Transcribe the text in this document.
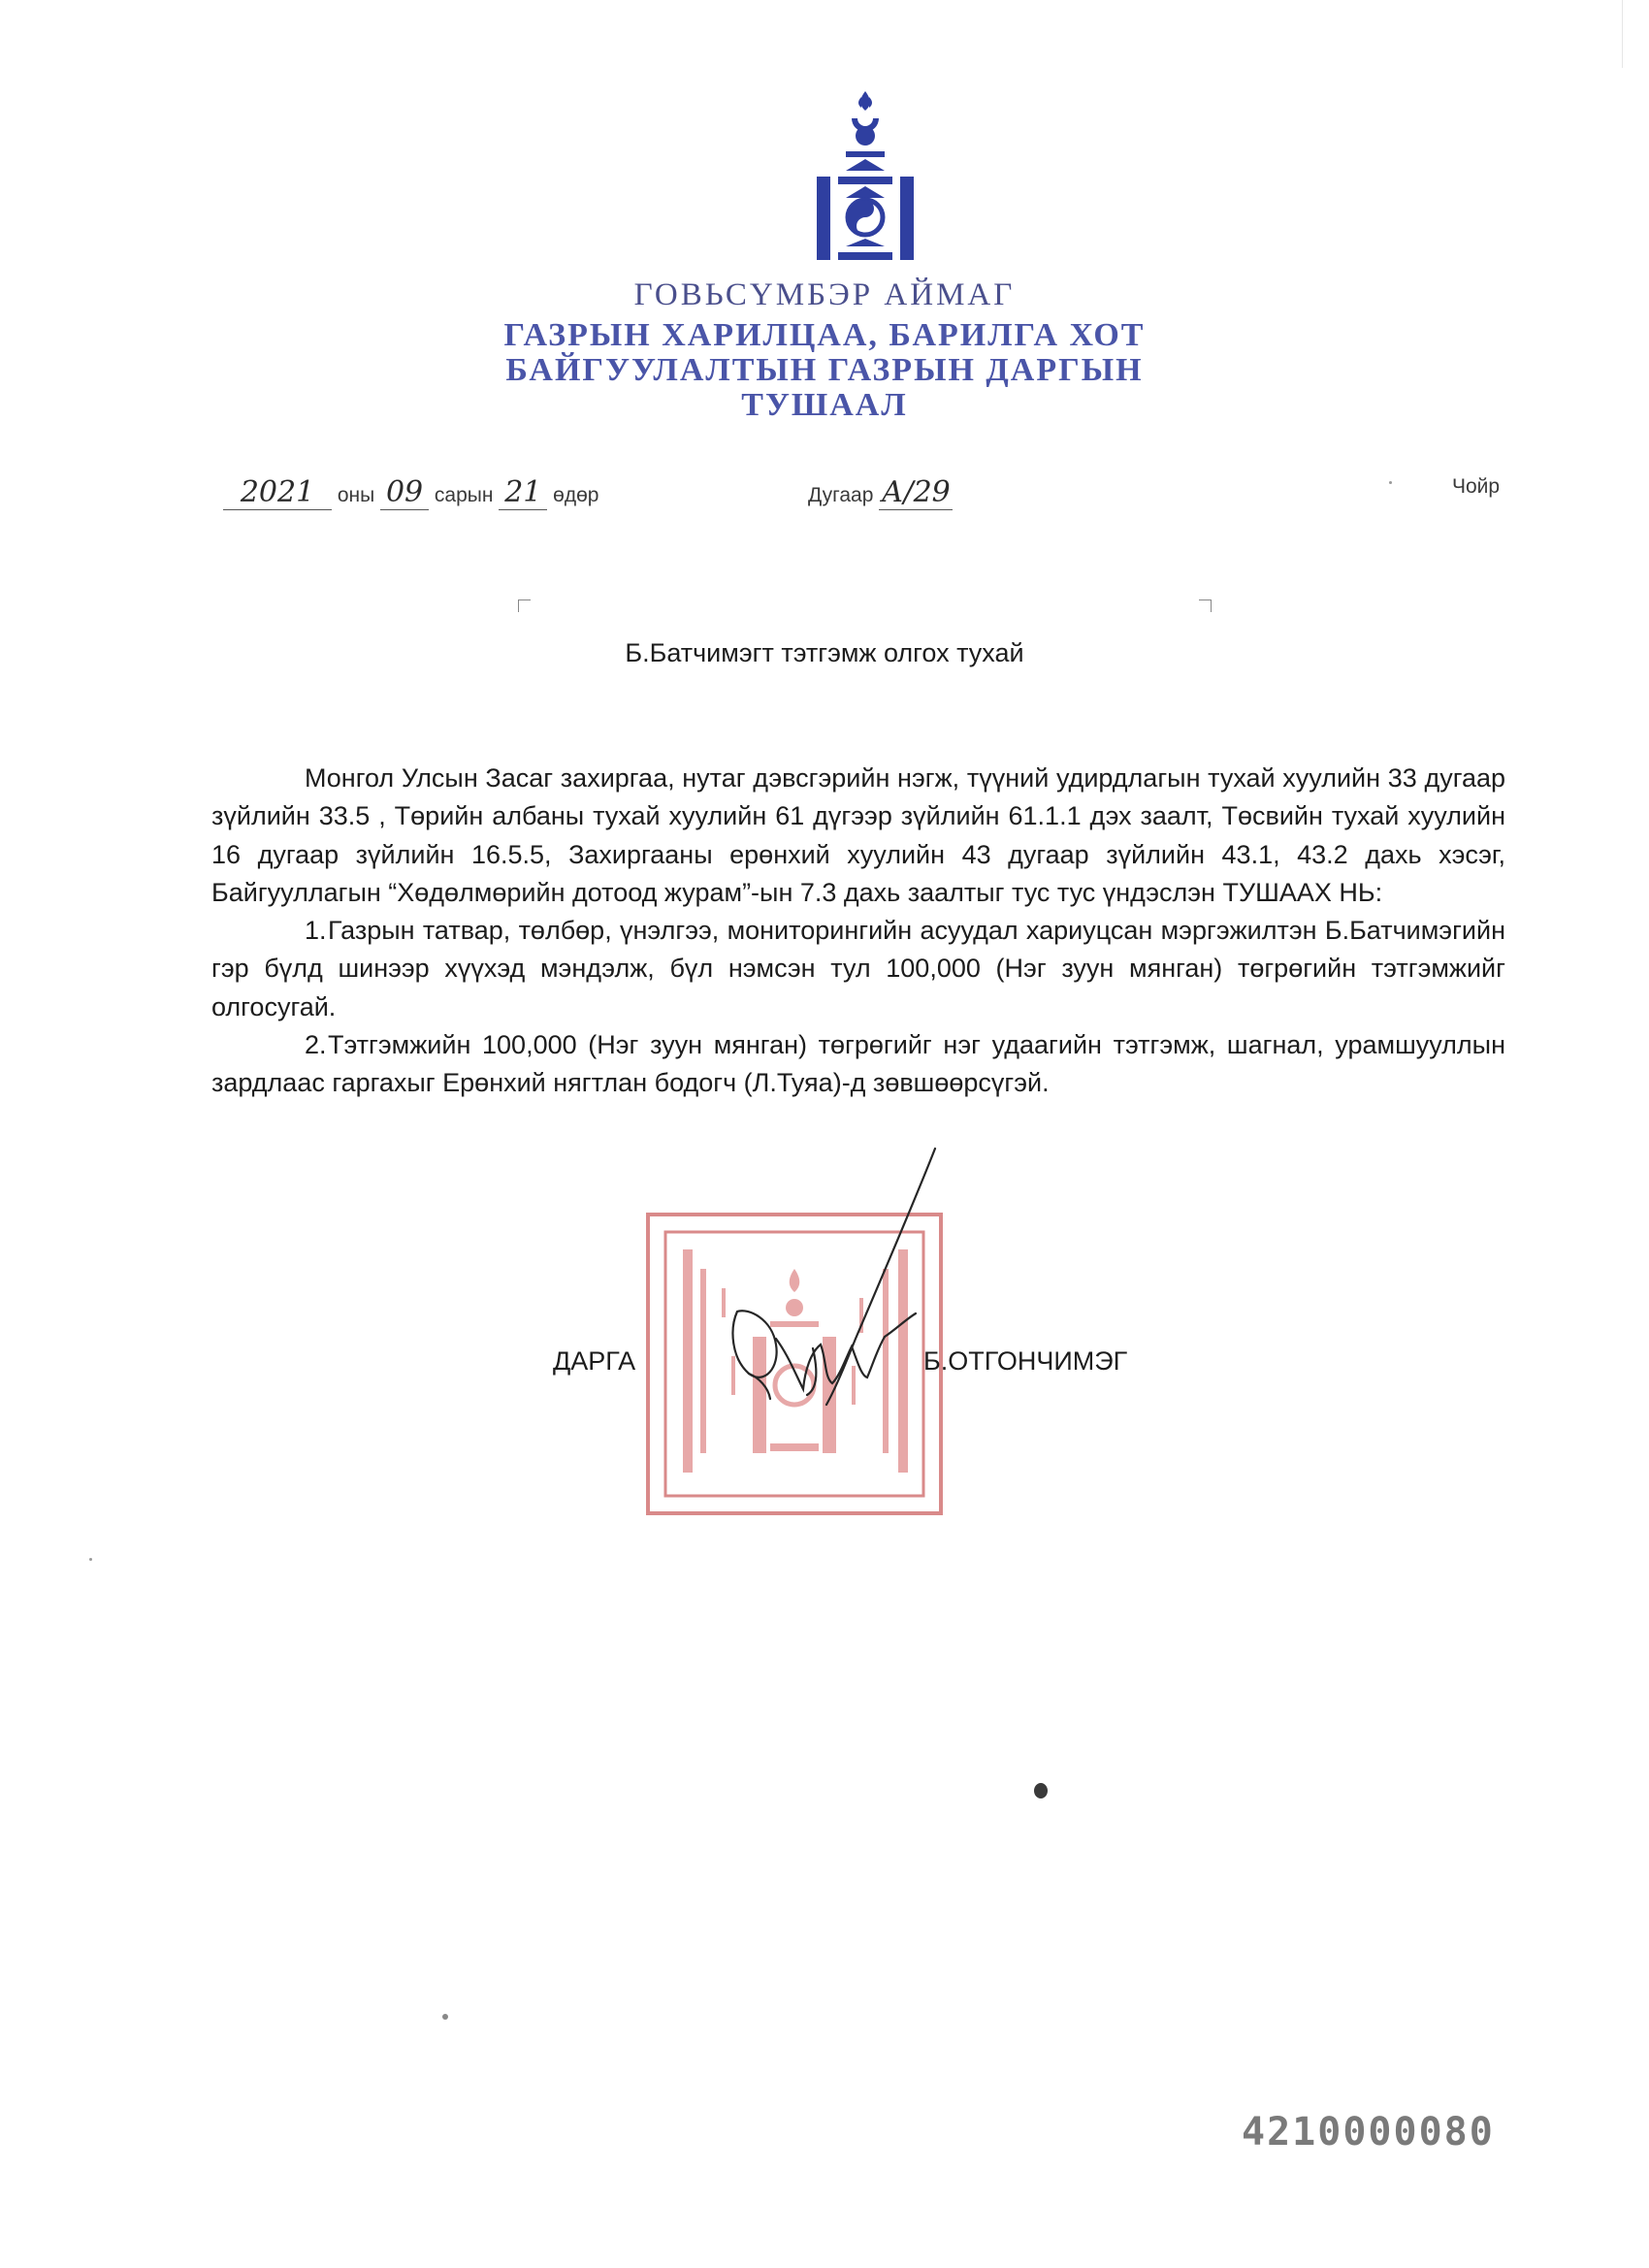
ГОВЬСҮМБЭР АЙМАГ
ГАЗРЫН ХАРИЛЦАА, БАРИЛГА ХОТ
БАЙГУУЛАЛТЫН ГАЗРЫН ДАРГЫН
ТУШААЛ
2021 оны 09 сарын 21 өдөр	Дугаар А/29	Чойр
Б.Батчимэгт тэтгэмж олгох тухай

Монгол Улсын Засаг захиргаа, нутаг дэвсгэрийн нэгж, түүний удирдлагын тухай хуулийн 33 дугаар зүйлийн 33.5 , Төрийн албаны тухай хуулийн 61 дүгээр зүйлийн 61.1.1 дэх заалт, Төсвийн тухай хуулийн 16 дугаар зүйлийн 16.5.5, Захиргааны ерөнхий хуулийн 43 дугаар зүйлийн 43.1, 43.2 дахь хэсэг, Байгууллагын “Хөдөлмөрийн дотоод журам”-ын 7.3 дахь заалтыг тус тус үндэслэн ТУШААХ НЬ:

1.Газрын татвар, төлбөр, үнэлгээ, мониторингийн асуудал хариуцсан мэргэжилтэн Б.Батчимэгийн гэр бүлд шинээр хүүхэд мэндэлж, бүл нэмсэн тул 100,000 (Нэг зуун мянган) төгрөгийн тэтгэмжийг олгосугай.

2.Тэтгэмжийн 100,000 (Нэг зуун мянган) төгрөгийг нэг удаагийн тэтгэмж, шагнал, урамшууллын зардлаас гаргахыг Ерөнхий нягтлан бодогч (Л.Туяа)-д зөвшөөрсүгэй.

ДАРГА	Б.ОТГОНЧИМЭГ
4210000080
